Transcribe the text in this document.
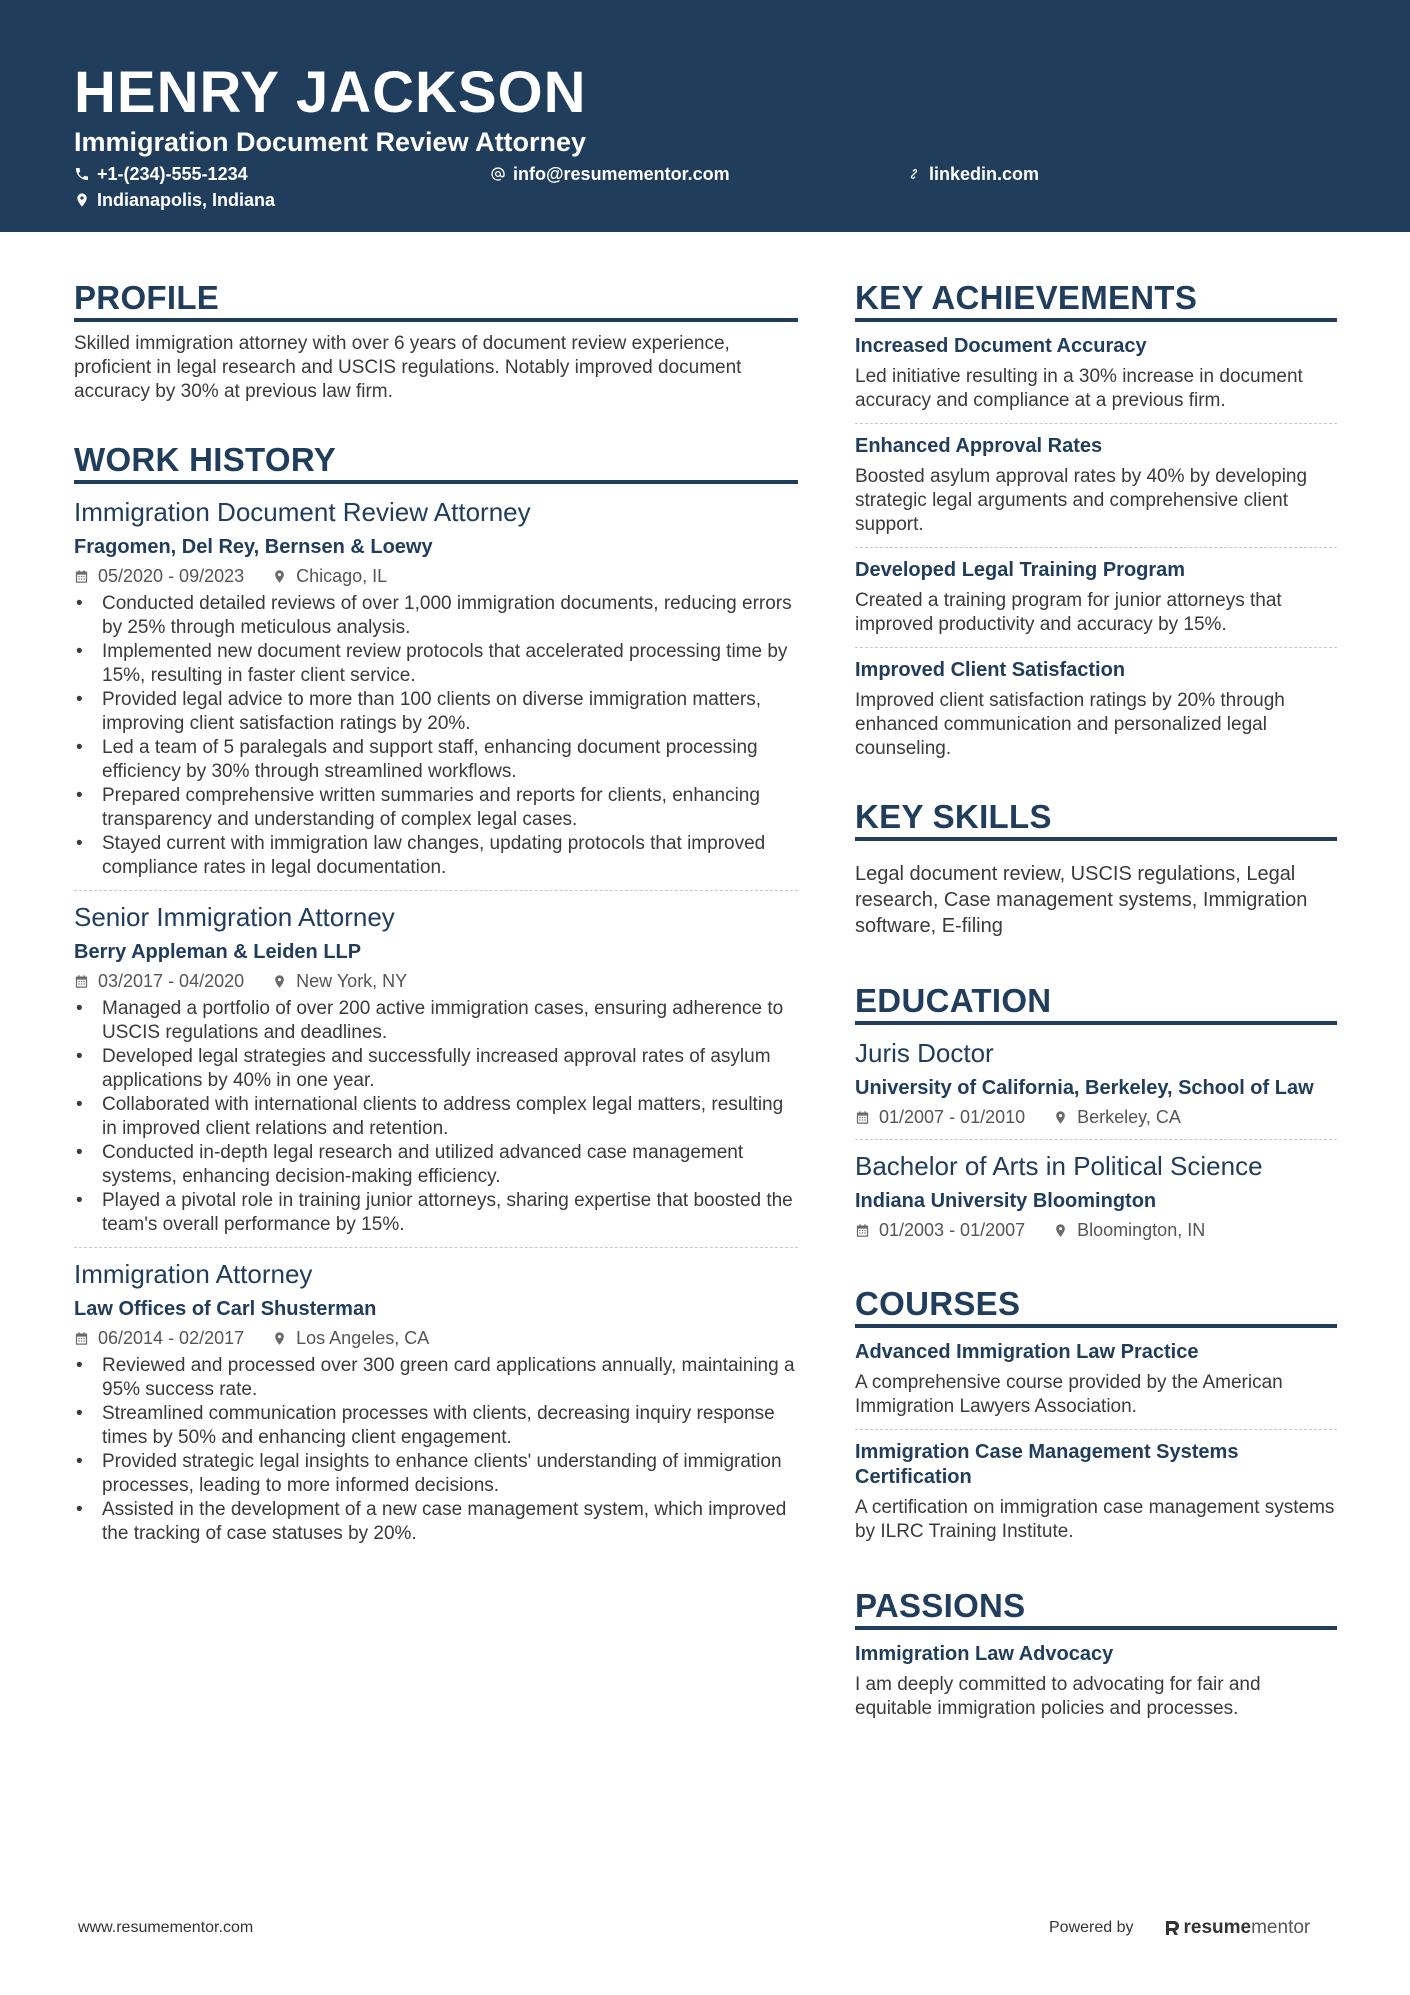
HENRY JACKSON
Immigration Document Review Attorney
+1-(234)-555-1234	info@resumementor.com	linkedin.com
Indianapolis, Indiana
PROFILE
Skilled immigration attorney with over 6 years of document review experience, proficient in legal research and USCIS regulations. Notably improved document accuracy by 30% at previous law firm.
WORK HISTORY
Immigration Document Review Attorney
Fragomen, Del Rey, Bernsen & Loewy
05/2020 - 09/2023	Chicago, IL
• Conducted detailed reviews of over 1,000 immigration documents, reducing errors by 25% through meticulous analysis.
• Implemented new document review protocols that accelerated processing time by 15%, resulting in faster client service.
• Provided legal advice to more than 100 clients on diverse immigration matters, improving client satisfaction ratings by 20%.
• Led a team of 5 paralegals and support staff, enhancing document processing efficiency by 30% through streamlined workflows.
• Prepared comprehensive written summaries and reports for clients, enhancing transparency and understanding of complex legal cases.
• Stayed current with immigration law changes, updating protocols that improved compliance rates in legal documentation.
Senior Immigration Attorney
Berry Appleman & Leiden LLP
03/2017 - 04/2020	New York, NY
• Managed a portfolio of over 200 active immigration cases, ensuring adherence to USCIS regulations and deadlines.
• Developed legal strategies and successfully increased approval rates of asylum applications by 40% in one year.
• Collaborated with international clients to address complex legal matters, resulting in improved client relations and retention.
• Conducted in-depth legal research and utilized advanced case management systems, enhancing decision-making efficiency.
• Played a pivotal role in training junior attorneys, sharing expertise that boosted the team's overall performance by 15%.
Immigration Attorney
Law Offices of Carl Shusterman
06/2014 - 02/2017	Los Angeles, CA
• Reviewed and processed over 300 green card applications annually, maintaining a 95% success rate.
• Streamlined communication processes with clients, decreasing inquiry response times by 50% and enhancing client engagement.
• Provided strategic legal insights to enhance clients' understanding of immigration processes, leading to more informed decisions.
• Assisted in the development of a new case management system, which improved the tracking of case statuses by 20%.
KEY ACHIEVEMENTS
Increased Document Accuracy
Led initiative resulting in a 30% increase in document accuracy and compliance at a previous firm.
Enhanced Approval Rates
Boosted asylum approval rates by 40% by developing strategic legal arguments and comprehensive client support.
Developed Legal Training Program
Created a training program for junior attorneys that improved productivity and accuracy by 15%.
Improved Client Satisfaction
Improved client satisfaction ratings by 20% through enhanced communication and personalized legal counseling.
KEY SKILLS
Legal document review, USCIS regulations, Legal research, Case management systems, Immigration software, E-filing
EDUCATION
Juris Doctor
University of California, Berkeley, School of Law
01/2007 - 01/2010	Berkeley, CA
Bachelor of Arts in Political Science
Indiana University Bloomington
01/2003 - 01/2007	Bloomington, IN
COURSES
Advanced Immigration Law Practice
A comprehensive course provided by the American Immigration Lawyers Association.
Immigration Case Management Systems Certification
A certification on immigration case management systems by ILRC Training Institute.
PASSIONS
Immigration Law Advocacy
I am deeply committed to advocating for fair and equitable immigration policies and processes.
www.resumementor.com	Powered by	resume mentor
